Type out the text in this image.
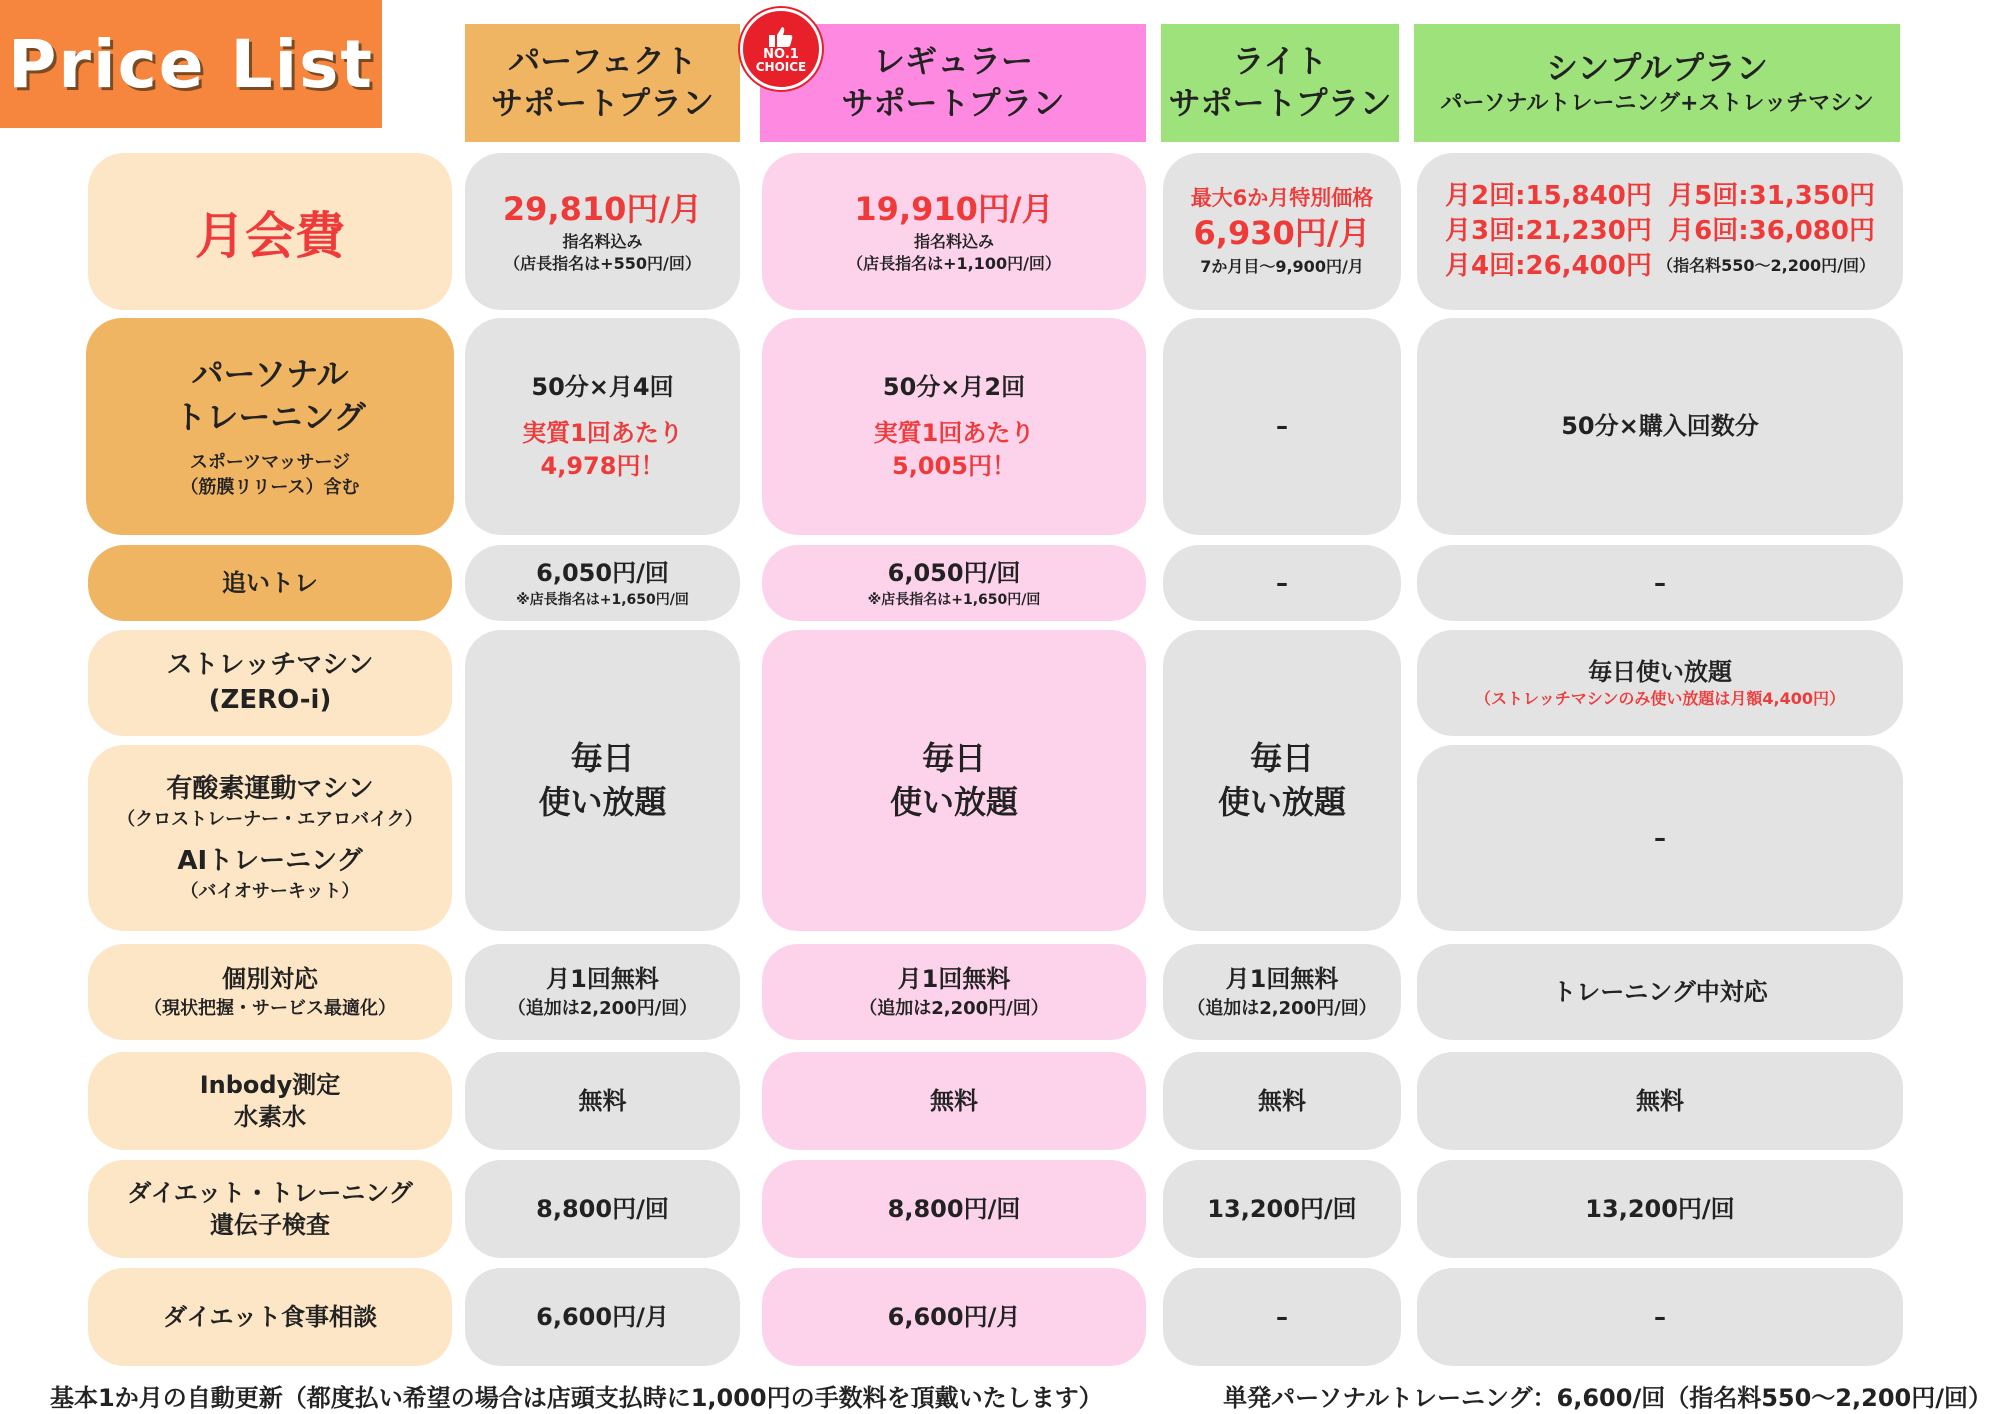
Price List	パーフェクト
サポートプラン
レギュラー
サポートプラン
ライト
サポートプラン
シンプルプラン
パーソナルトレーニング+ストレッチマシン
NO.1
CHOICE
月会費
パーソナル
トレーニング
スポーツマッサージ
（筋膜リリース）含む
追いトレ
ストレッチマシン
(ZERO-i)
有酸素運動マシン
（クロストレーナー・エアロバイク）
AIトレーニング
（バイオサーキット）
個別対応
（現状把握・サービス最適化）
Inbody測定
水素水
ダイエット・トレーニング
遺伝子検査
ダイエット食事相談
29,810円/月
指名料込み
（店長指名は+550円/回）
50分×月4回
実質1回あたり
4,978円！
6,050円/回
※店長指名は+1,650円/回
毎日
使い放題
月1回無料
（追加は2,200円/回）
無料
8,800円/回
6,600円/月
19,910円/月
指名料込み
（店長指名は+1,100円/回）
50分×月2回
実質1回あたり
5,005円！
6,050円/回
※店長指名は+1,650円/回
毎日
使い放題
月1回無料
（追加は2,200円/回）
無料
8,800円/回
6,600円/月
最大6か月特別価格
6,930円/月
7か月目〜9,900円/月
–
–
毎日
使い放題
月1回無料
（追加は2,200円/回）
無料
13,200円/回
–
月2回:15,840円 月5回:31,350円
月3回:21,230円 月6回:36,080円
月4回:26,400円 （指名料550〜2,200円/回）
50分×購入回数分
–
毎日使い放題
（ストレッチマシンのみ使い放題は月額4,400円）
–
トレーニング中対応
無料
13,200円/回
–
基本1か月の自動更新（都度払い希望の場合は店頭支払時に1,000円の手数料を頂戴いたします）	単発パーソナルトレーニング：6,600/回（指名料550〜2,200円/回）
